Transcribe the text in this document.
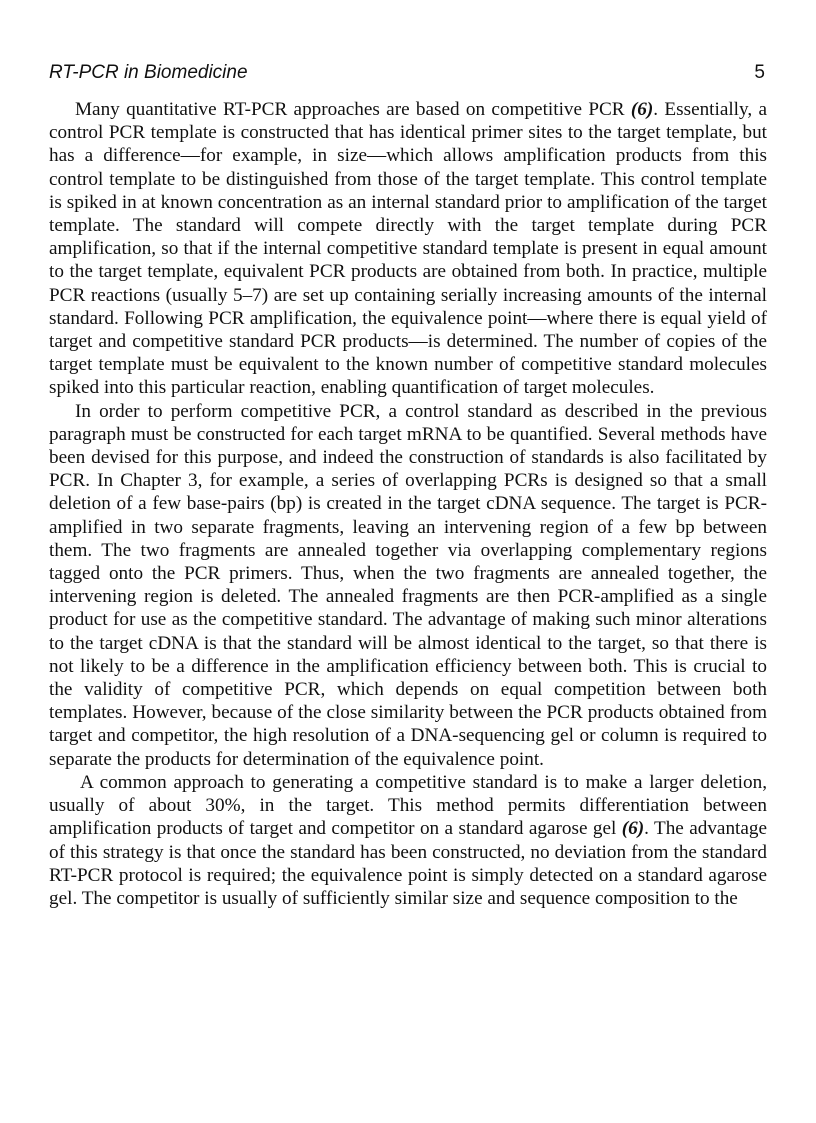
RT-PCR in Biomedicine	5

Many quantitative RT-PCR approaches are based on competitive PCR (6). Essentially, a control PCR template is constructed that has identical primer sites to the target template, but has a difference—for example, in size—which allows amplification products from this control template to be distinguished from those of the target template. This control template is spiked in at known concentration as an internal standard prior to amplification of the target template. The standard will compete directly with the target template during PCR amplification, so that if the internal competitive standard template is present in equal amount to the target template, equivalent PCR products are obtained from both. In practice, multiple PCR reactions (usually 5–7) are set up containing serially increasing amounts of the internal standard. Following PCR amplification, the equivalence point—where there is equal yield of target and competitive standard PCR products—is determined. The number of copies of the target template must be equivalent to the known number of competitive standard molecules spiked into this particular reaction, enabling quantification of target molecules.

In order to perform competitive PCR, a control standard as described in the previous paragraph must be constructed for each target mRNA to be quantified. Several methods have been devised for this purpose, and indeed the construction of standards is also facilitated by PCR. In Chapter 3, for example, a series of overlapping PCRs is designed so that a small deletion of a few base-pairs (bp) is created in the target cDNA sequence. The target is PCR-amplified in two separate fragments, leaving an intervening region of a few bp between them. The two fragments are annealed together via overlapping complementary regions tagged onto the PCR primers. Thus, when the two fragments are annealed together, the intervening region is deleted. The annealed fragments are then PCR-amplified as a single product for use as the competitive standard. The advantage of making such minor alterations to the target cDNA is that the standard will be almost identical to the target, so that there is not likely to be a difference in the amplification efficiency between both. This is crucial to the validity of competitive PCR, which depends on equal competition between both templates. However, because of the close similarity between the PCR products obtained from target and competitor, the high resolution of a DNA-sequencing gel or column is required to separate the products for determination of the equivalence point.

A common approach to generating a competitive standard is to make a larger deletion, usually of about 30%, in the target. This method permits differentiation between amplification products of target and competitor on a standard agarose gel (6). The advantage of this strategy is that once the standard has been constructed, no deviation from the standard RT-PCR protocol is required; the equivalence point is simply detected on a standard agarose gel. The competitor is usually of sufficiently similar size and sequence composition to the
